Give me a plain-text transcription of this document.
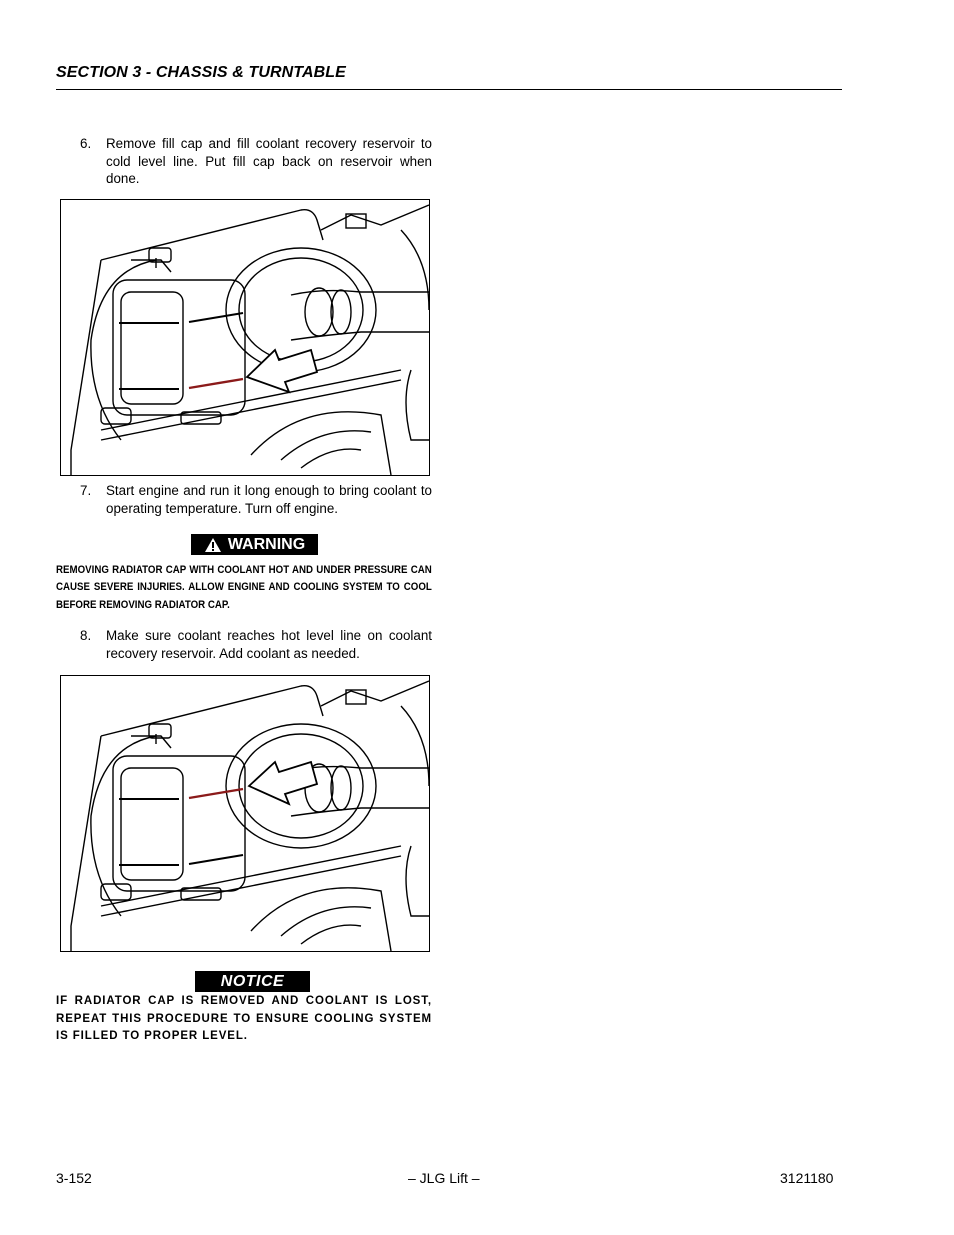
SECTION 3 - CHASSIS & TURNTABLE
6. Remove fill cap and fill coolant recovery reservoir to cold level line. Put fill cap back on reservoir when done.
7. Start engine and run it long enough to bring coolant to operating temperature. Turn off engine.
WARNING
REMOVING RADIATOR CAP WITH COOLANT HOT AND UNDER PRESSURE CAN CAUSE SEVERE INJURIES. ALLOW ENGINE AND COOLING SYSTEM TO COOL BEFORE REMOVING RADIATOR CAP.
8. Make sure coolant reaches hot level line on coolant recovery reservoir. Add coolant as needed.
NOTICE
IF RADIATOR CAP IS REMOVED AND COOLANT IS LOST, REPEAT THIS PROCEDURE TO ENSURE COOLING SYSTEM IS FILLED TO PROPER LEVEL.
3-152	– JLG Lift –	3121180
